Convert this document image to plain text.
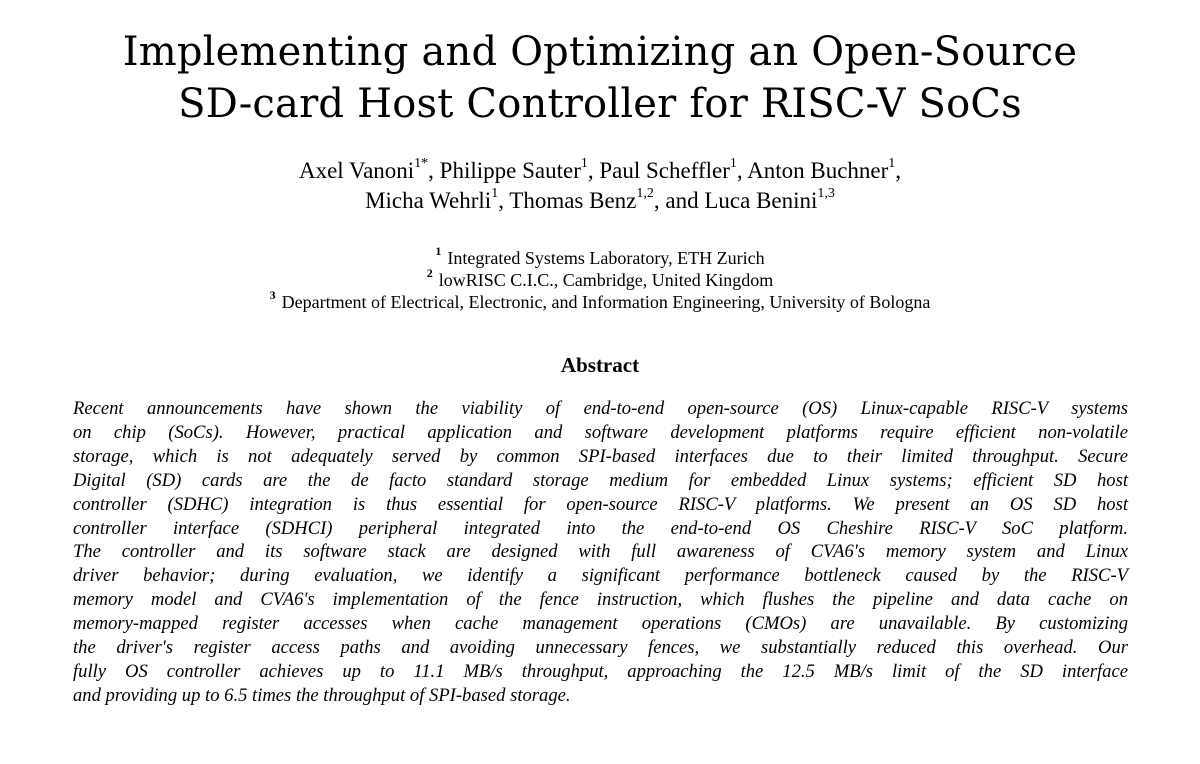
Implementing and Optimizing an Open-Source
SD-card Host Controller for RISC-V SoCs
Axel Vanoni$^{1*}$, Philippe Sauter$^1$, Paul Scheffler$^1$, Anton Buchner$^1$,
Micha Wehrli$^1$, Thomas Benz$^{1,2}$, and Luca Benini$^{1,3}$
$^1$ Integrated Systems Laboratory, ETH Zurich
$^2$ lowRISC C.I.C., Cambridge, United Kingdom
$^3$ Department of Electrical, Electronic, and Information Engineering, University of Bologna
Abstract
Recent announcements have shown the viability of end-to-end open-source (OS) Linux-capable RISC-V systems
on chip (SoCs). However, practical application and software development platforms require efficient non-volatile
storage, which is not adequately served by common SPI-based interfaces due to their limited throughput. Secure
Digital (SD) cards are the de facto standard storage medium for embedded Linux systems; efficient SD host
controller (SDHC) integration is thus essential for open-source RISC-V platforms. We present an OS SD host
controller interface (SDHCI) peripheral integrated into the end-to-end OS Cheshire RISC-V SoC platform.
The controller and its software stack are designed with full awareness of CVA6's memory system and Linux
driver behavior; during evaluation, we identify a significant performance bottleneck caused by the RISC-V
memory model and CVA6's implementation of the fence instruction, which flushes the pipeline and data cache on
memory-mapped register accesses when cache management operations (CMOs) are unavailable. By customizing
the driver's register access paths and avoiding unnecessary fences, we substantially reduced this overhead. Our
fully OS controller achieves up to 11.1 MB/s throughput, approaching the 12.5 MB/s limit of the SD interface
and providing up to 6.5 times the throughput of SPI-based storage.
